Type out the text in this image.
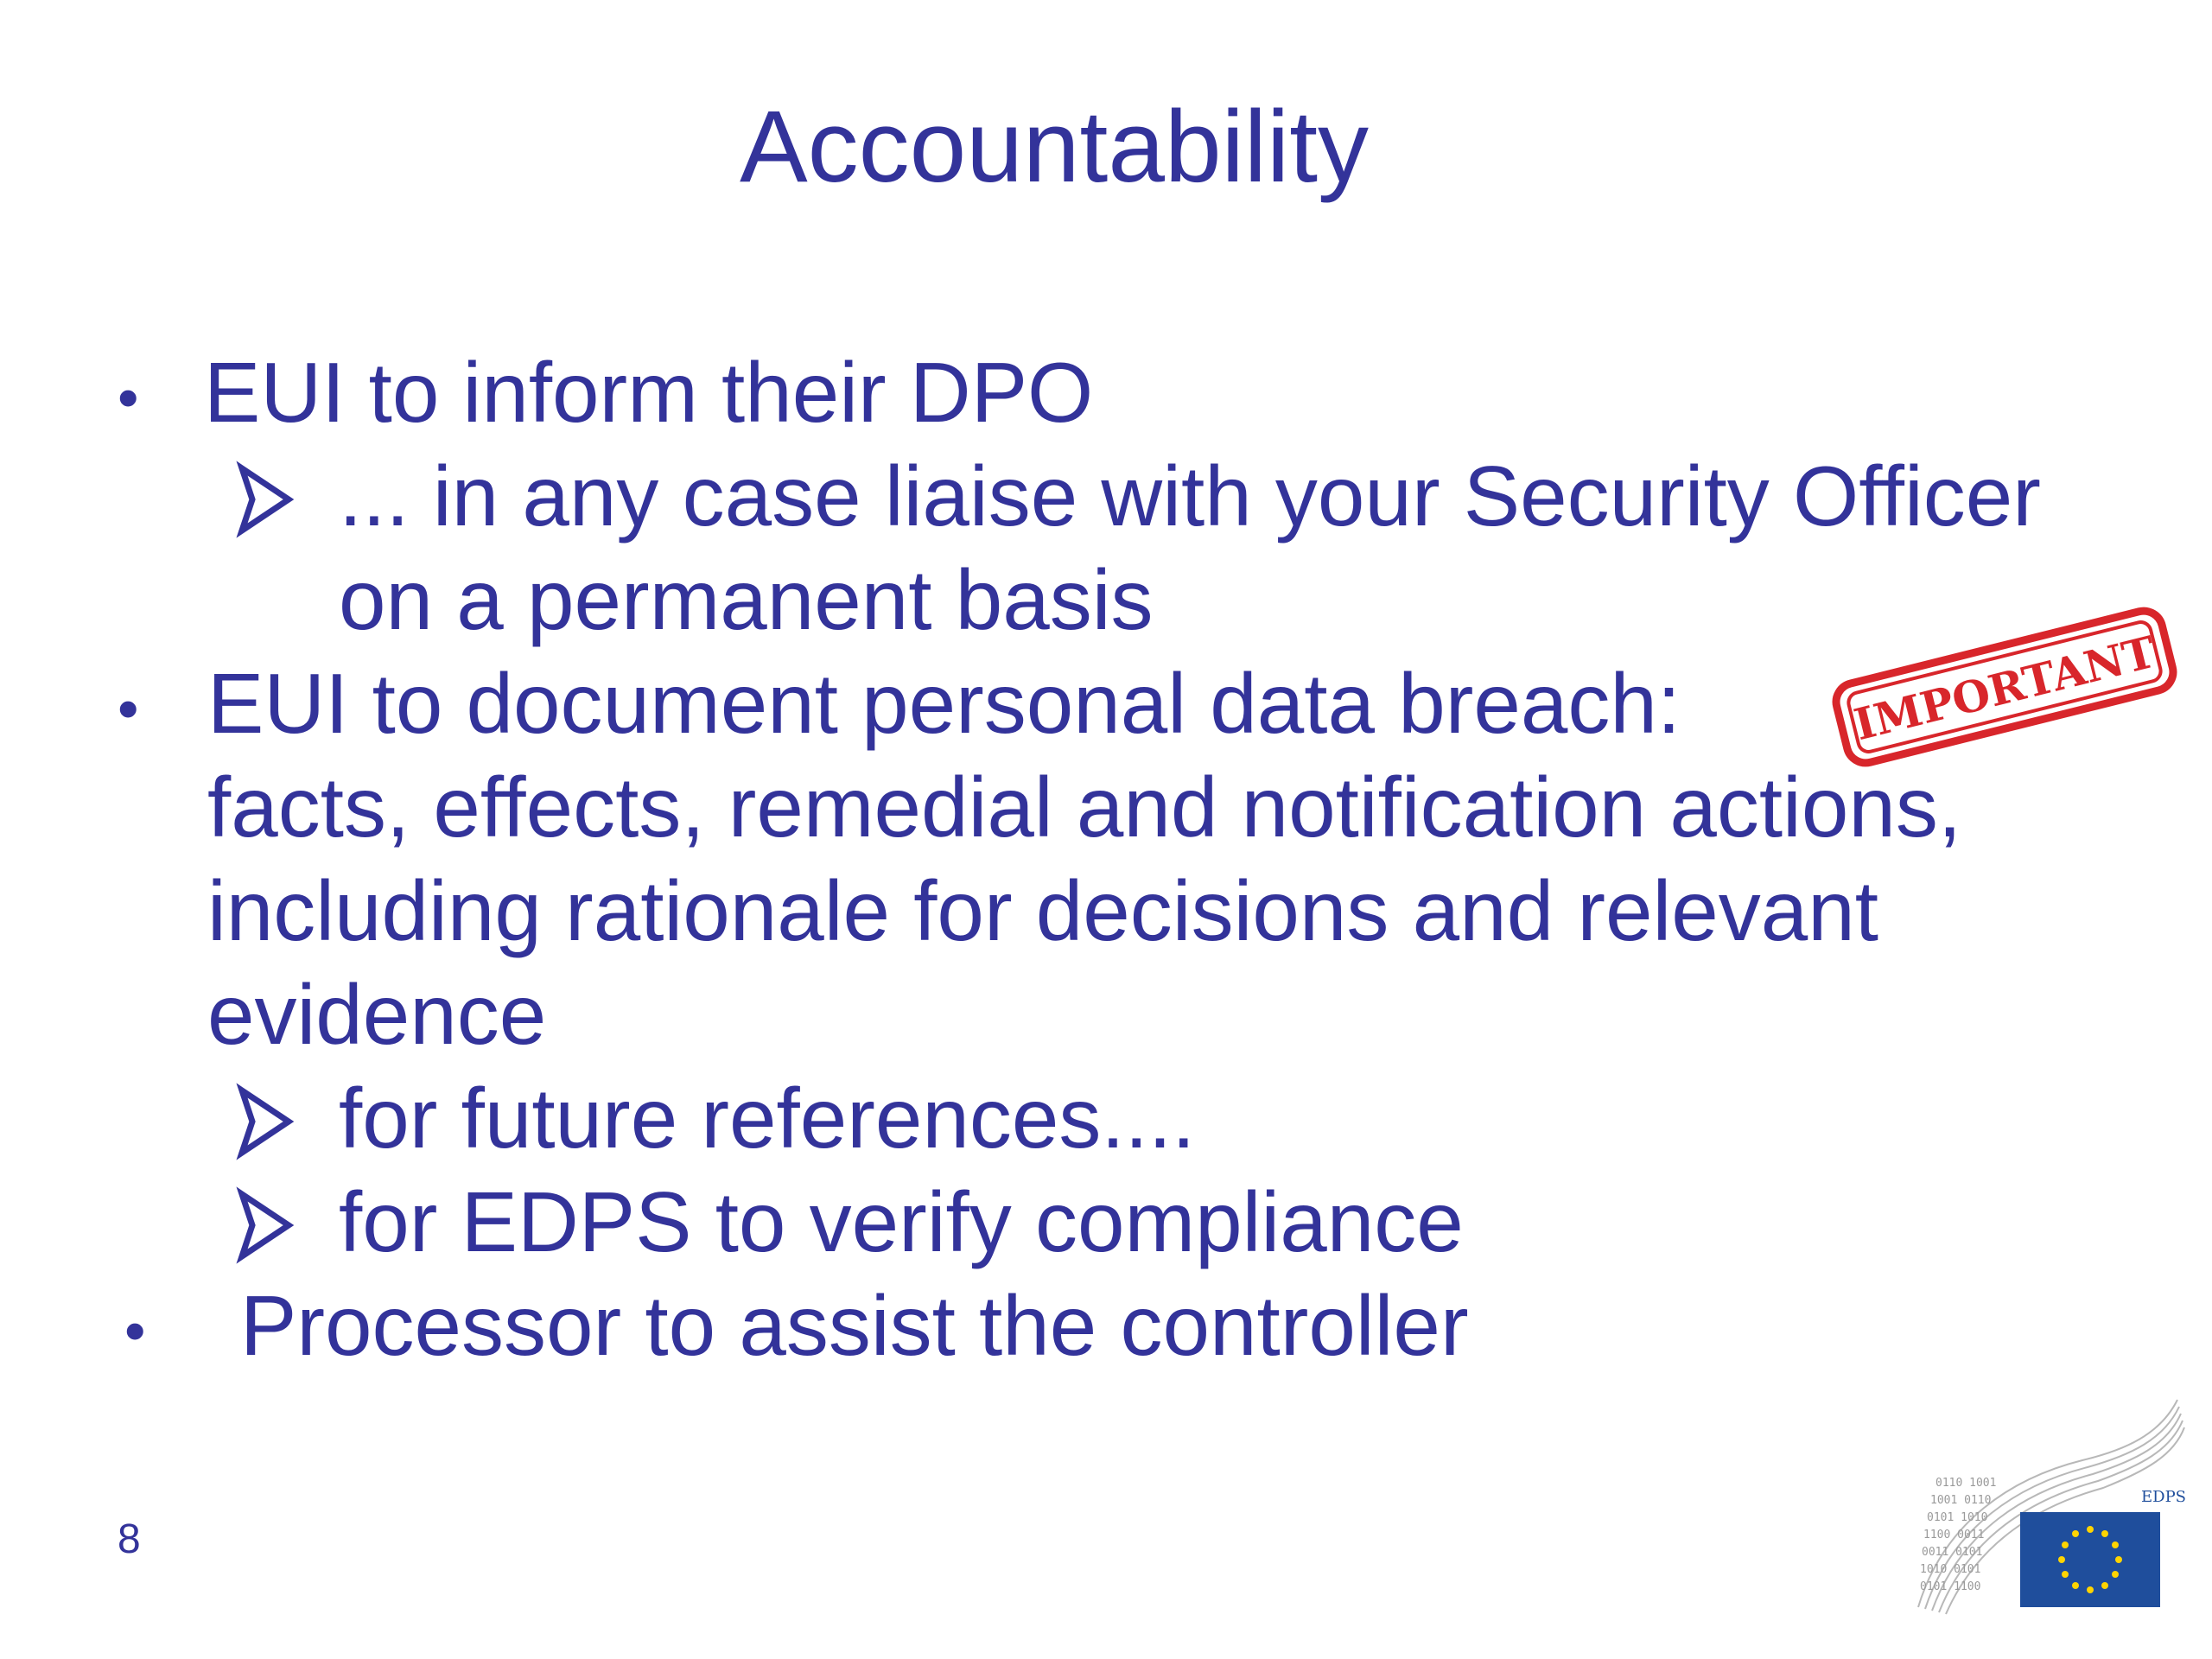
Accountability
• EUI to inform their DPO
... in any case liaise with your Security Officer
on a permanent basis
• EUI to document personal data breach:
facts, effects, remedial and notification actions,
including rationale for decisions and relevant
evidence
for future references....
for EDPS to verify compliance
• Processor to assist the controller
IMPORTANT
8
0110 1001
1001 0110
0101 1010
1100 0011
0011 0101
1010 0101
0101 1100
EDPS
